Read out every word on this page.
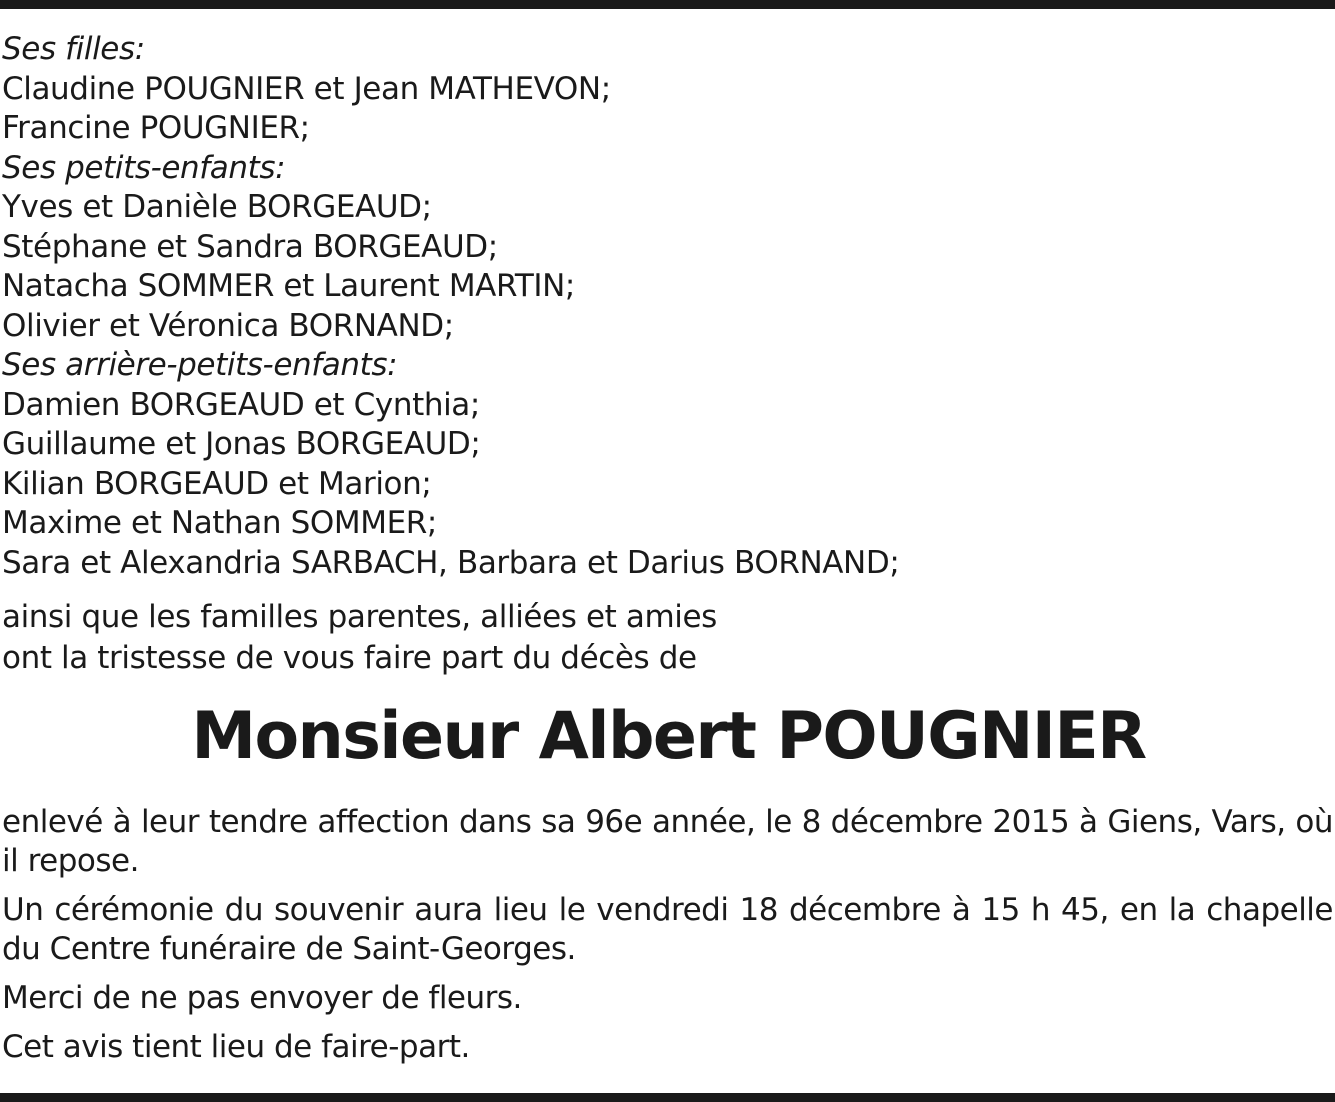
Ses filles:
Claudine POUGNIER et Jean MATHEVON;
Francine POUGNIER;
Ses petits-enfants:
Yves et Danièle BORGEAUD;
Stéphane et Sandra BORGEAUD;
Natacha SOMMER et Laurent MARTIN;
Olivier et Véronica BORNAND;
Ses arrière-petits-enfants:
Damien BORGEAUD et Cynthia;
Guillaume et Jonas BORGEAUD;
Kilian BORGEAUD et Marion;
Maxime et Nathan SOMMER;
Sara et Alexandria SARBACH, Barbara et Darius BORNAND;
ainsi que les familles parentes, alliées et amies
ont la tristesse de vous faire part du décès de
Monsieur Albert POUGNIER
enlevé à leur tendre affection dans sa 96e année, le 8 décembre 2015 à Giens, Vars, où il repose.
Un cérémonie du souvenir aura lieu le vendredi 18 décembre à 15 h 45, en la chapelle du Centre funéraire de Saint-Georges.
Merci de ne pas envoyer de fleurs.
Cet avis tient lieu de faire-part.
